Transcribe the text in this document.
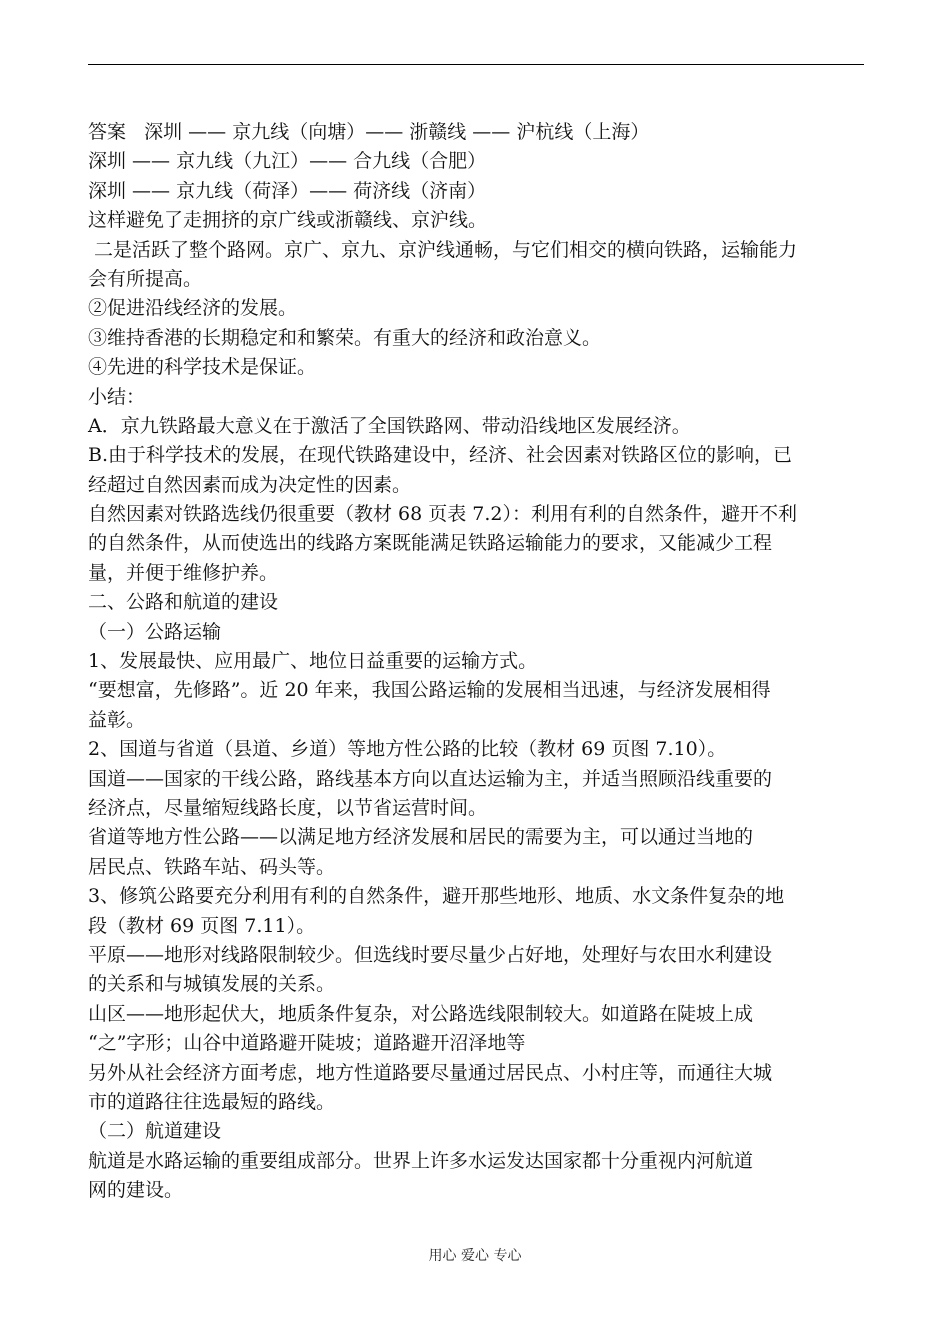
答案   深圳 —— 京九线（向塘）—— 浙赣线 —— 沪杭线（上海）
深圳 —— 京九线（九江）—— 合九线（合肥）
深圳 —— 京九线（荷泽）—— 荷济线（济南）
这样避免了走拥挤的京广线或浙赣线、京沪线。
二是活跃了整个路网。京广、京九、京沪线通畅，与它们相交的横向铁路，运输能力
会有所提高。
②促进沿线经济的发展。
③维持香港的长期稳定和和繁荣。有重大的经济和政治意义。
④先进的科学技术是保证。
小结：
A．京九铁路最大意义在于激活了全国铁路网、带动沿线地区发展经济。
B.由于科学技术的发展，在现代铁路建设中，经济、社会因素对铁路区位的影响，已
经超过自然因素而成为决定性的因素。
自然因素对铁路选线仍很重要（教材 68 页表 7.2）：利用有利的自然条件，避开不利
的自然条件，从而使选出的线路方案既能满足铁路运输能力的要求，又能减少工程
量，并便于维修护养。
二、公路和航道的建设
（一）公路运输
1、发展最快、应用最广、地位日益重要的运输方式。
“要想富，先修路”。近 20 年来，我国公路运输的发展相当迅速，与经济发展相得
益彰。
2、国道与省道（县道、乡道）等地方性公路的比较（教材 69 页图 7.10）。
国道——国家的干线公路，路线基本方向以直达运输为主，并适当照顾沿线重要的
经济点，尽量缩短线路长度，以节省运营时间。
省道等地方性公路——以满足地方经济发展和居民的需要为主，可以通过当地的
居民点、铁路车站、码头等。
3、修筑公路要充分利用有利的自然条件，避开那些地形、地质、水文条件复杂的地
段（教材 69 页图 7.11）。
平原——地形对线路限制较少。但选线时要尽量少占好地，处理好与农田水利建设
的关系和与城镇发展的关系。
山区——地形起伏大，地质条件复杂，对公路选线限制较大。如道路在陡坡上成
“之”字形；山谷中道路避开陡坡；道路避开沼泽地等
另外从社会经济方面考虑，地方性道路要尽量通过居民点、小村庄等，而通往大城
市的道路往往选最短的路线。
（二）航道建设
航道是水路运输的重要组成部分。世界上许多水运发达国家都十分重视内河航道
网的建设。
用心 爱心 专心
